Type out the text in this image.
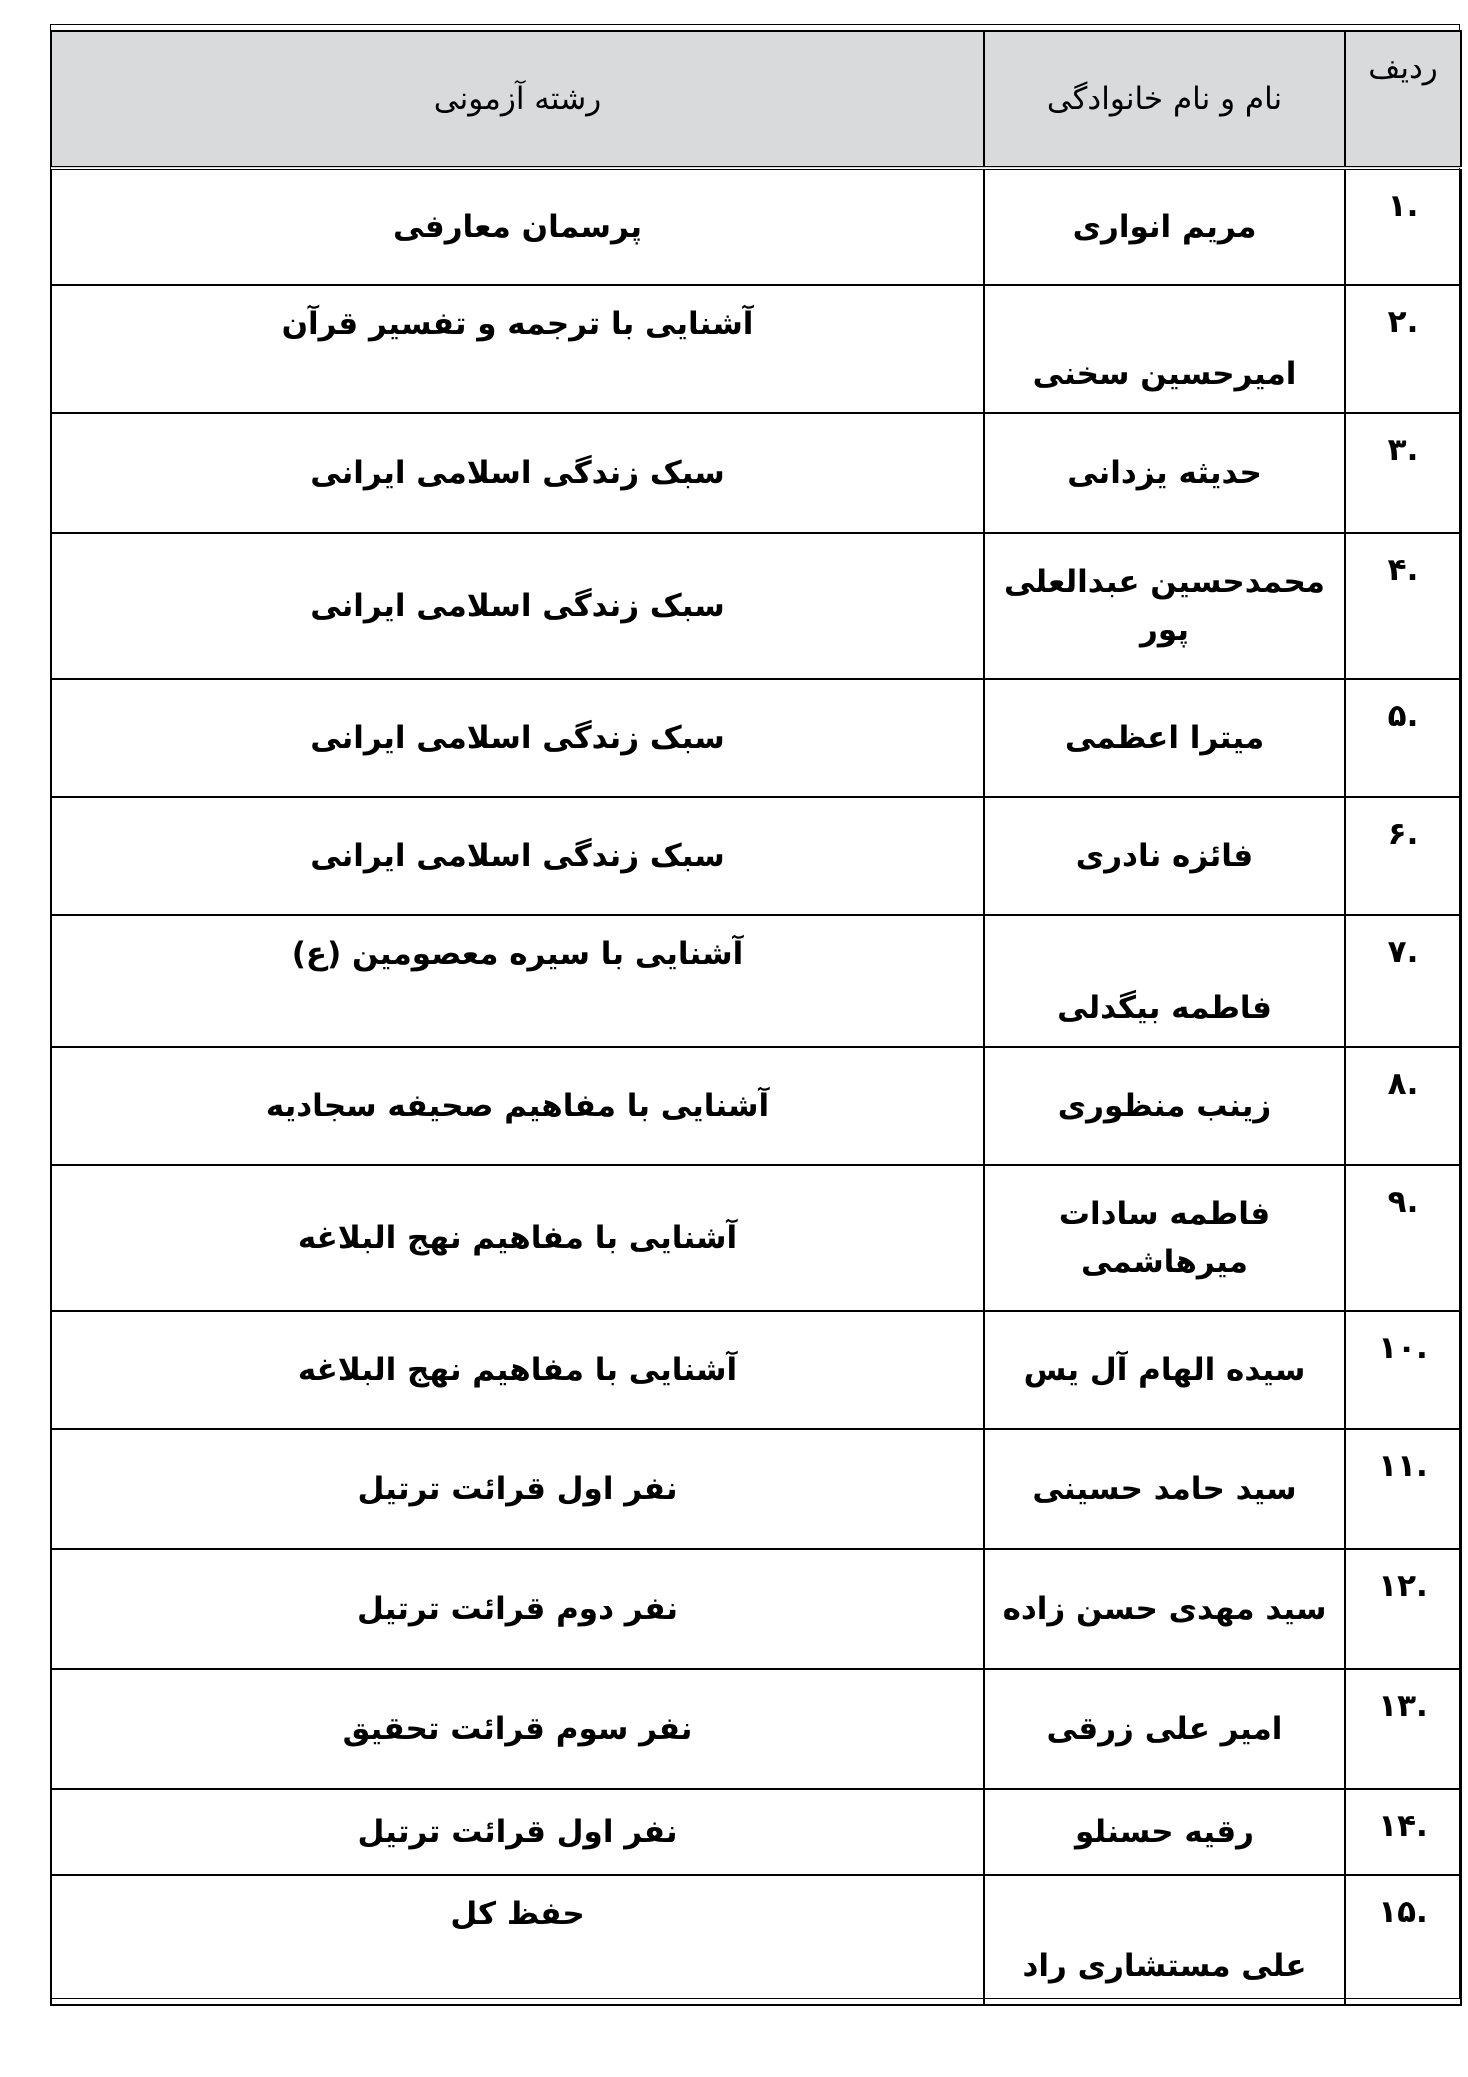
ردیف	نام و نام خانوادگی	رشته آزمونی
.۱	مریم انواری	پرسمان معارفی
.۲	امیرحسین سخنی	آشنایی با ترجمه و تفسیر قرآن
.۳	حدیثه یزدانی	سبک زندگی اسلامی ایرانی
.۴	محمدحسین عبدالعلی پور	سبک زندگی اسلامی ایرانی
.۵	میترا اعظمی	سبک زندگی اسلامی ایرانی
.۶	فائزه نادری	سبک زندگی اسلامی ایرانی
.۷	فاطمه بیگدلی	آشنایی با سیره معصومین (ع)
.۸	زینب منظوری	آشنایی با مفاهیم صحیفه سجادیه
.۹	فاطمه سادات میرهاشمی	آشنایی با مفاهیم نهج البلاغه
.۱۰	سیده الهام آل یس	آشنایی با مفاهیم نهج البلاغه
.۱۱	سید حامد حسینی	نفر اول قرائت ترتیل
.۱۲	سید مهدی حسن زاده	نفر دوم قرائت ترتیل
.۱۳	امیر علی زرقی	نفر سوم قرائت تحقیق
.۱۴	رقیه حسنلو	نفر اول قرائت ترتیل
.۱۵	علی مستشاری راد	حفظ کل
